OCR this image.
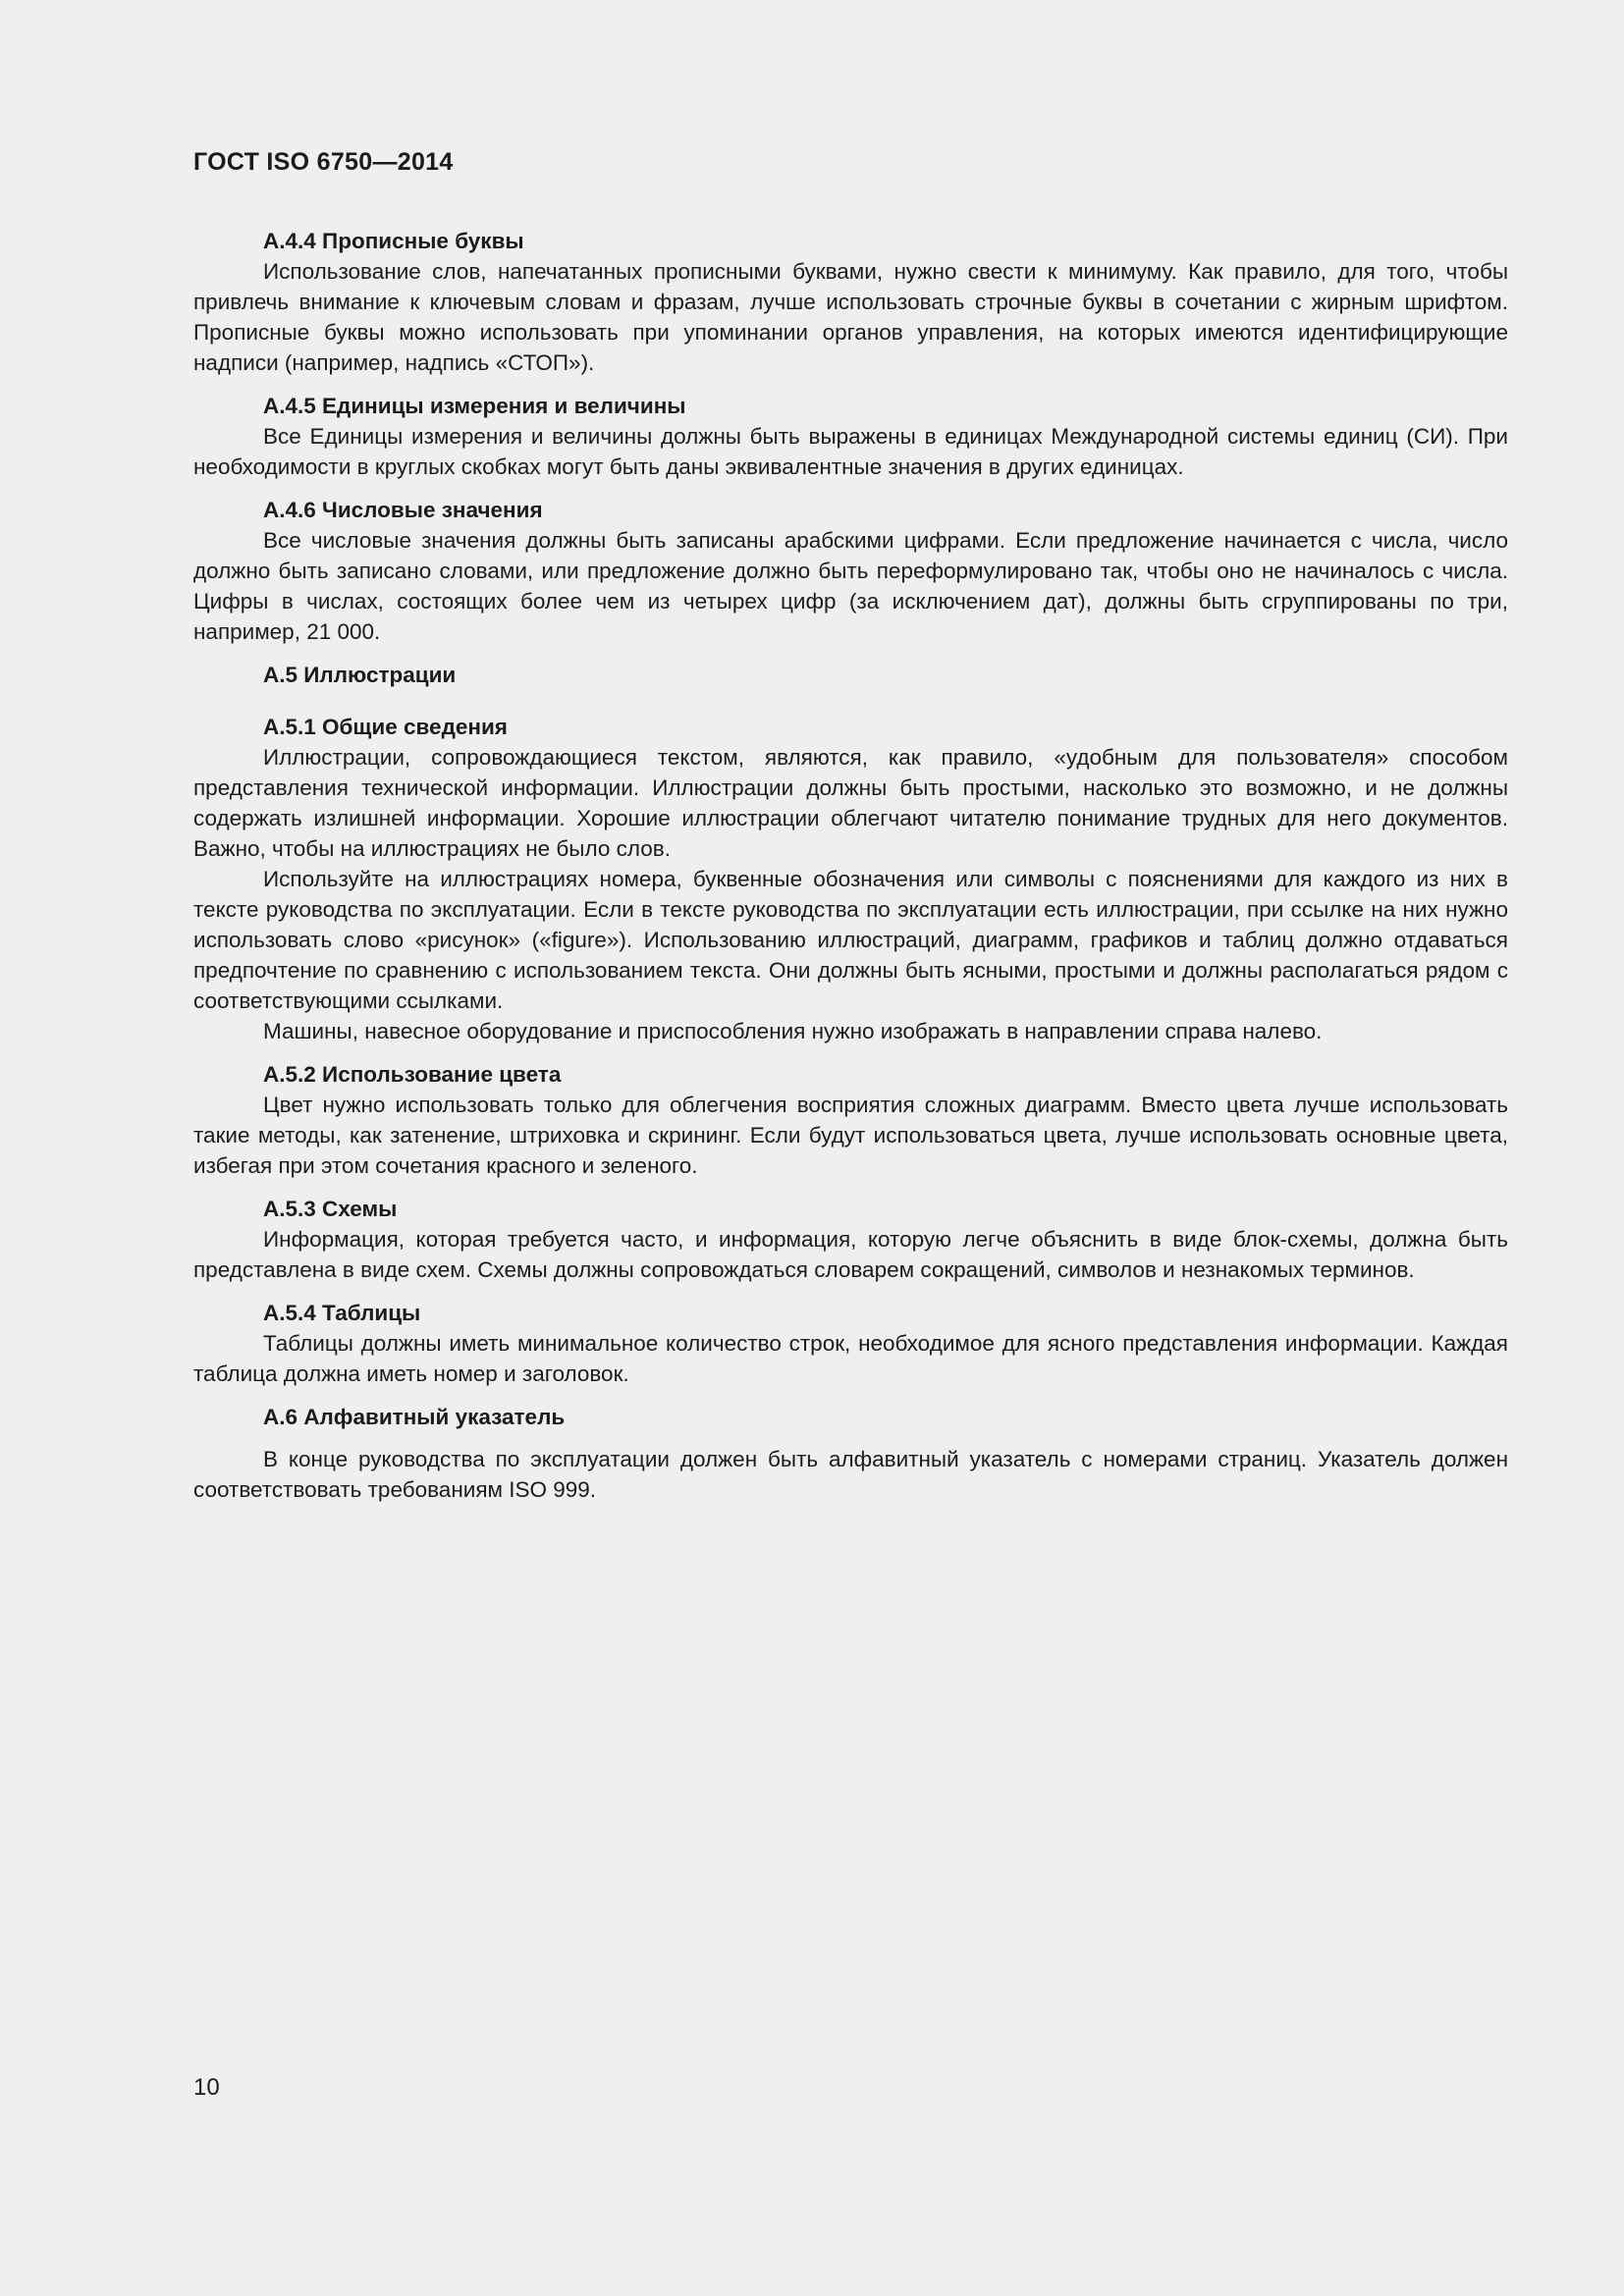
ГОСТ ISO 6750—2014

А.4.4 Прописные буквы

Использование слов, напечатанных прописными буквами, нужно свести к минимуму. Как правило, для того, чтобы привлечь внимание к ключевым словам и фразам, лучше использовать строчные буквы в сочетании с жирным шрифтом. Прописные буквы можно использовать при упоминании органов управления, на которых имеются идентифицирующие надписи (например, надпись «СТОП»).

А.4.5 Единицы измерения и величины

Все Единицы измерения и величины должны быть выражены в единицах Международной системы единиц (СИ). При необходимости в круглых скобках могут быть даны эквивалентные значения в других единицах.

А.4.6 Числовые значения

Все числовые значения должны быть записаны арабскими цифрами. Если предложение начинается с числа, число должно быть записано словами, или предложение должно быть переформулировано так, чтобы оно не начиналось с числа. Цифры в числах, состоящих более чем из четырех цифр (за исключением дат), должны быть сгруппированы по три, например, 21 000.

А.5 Иллюстрации

А.5.1 Общие сведения

Иллюстрации, сопровождающиеся текстом, являются, как правило, «удобным для пользователя» способом представления технической информации. Иллюстрации должны быть простыми, насколько это возможно, и не должны содержать излишней информации. Хорошие иллюстрации облегчают читателю понимание трудных для него документов. Важно, чтобы на иллюстрациях не было слов.

Используйте на иллюстрациях номера, буквенные обозначения или символы с пояснениями для каждого из них в тексте руководства по эксплуатации. Если в тексте руководства по эксплуатации есть иллюстрации, при ссылке на них нужно использовать слово «рисунок» («figure»). Использованию иллюстраций, диаграмм, графиков и таблиц должно отдаваться предпочтение по сравнению с использованием текста. Они должны быть ясными, простыми и должны располагаться рядом с соответствующими ссылками.

Машины, навесное оборудование и приспособления нужно изображать в направлении справа налево.

А.5.2 Использование цвета

Цвет нужно использовать только для облегчения восприятия сложных диаграмм. Вместо цвета лучше использовать такие методы, как затенение, штриховка и скрининг. Если будут использоваться цвета, лучше использовать основные цвета, избегая при этом сочетания красного и зеленого.

А.5.3 Схемы

Информация, которая требуется часто, и информация, которую легче объяснить в виде блок-схемы, должна быть представлена в виде схем. Схемы должны сопровождаться словарем сокращений, символов и незнакомых терминов.

А.5.4 Таблицы

Таблицы должны иметь минимальное количество строк, необходимое для ясного представления информации. Каждая таблица должна иметь номер и заголовок.

А.6 Алфавитный указатель

В конце руководства по эксплуатации должен быть алфавитный указатель с номерами страниц. Указатель должен соответствовать требованиям ISO 999.

10
